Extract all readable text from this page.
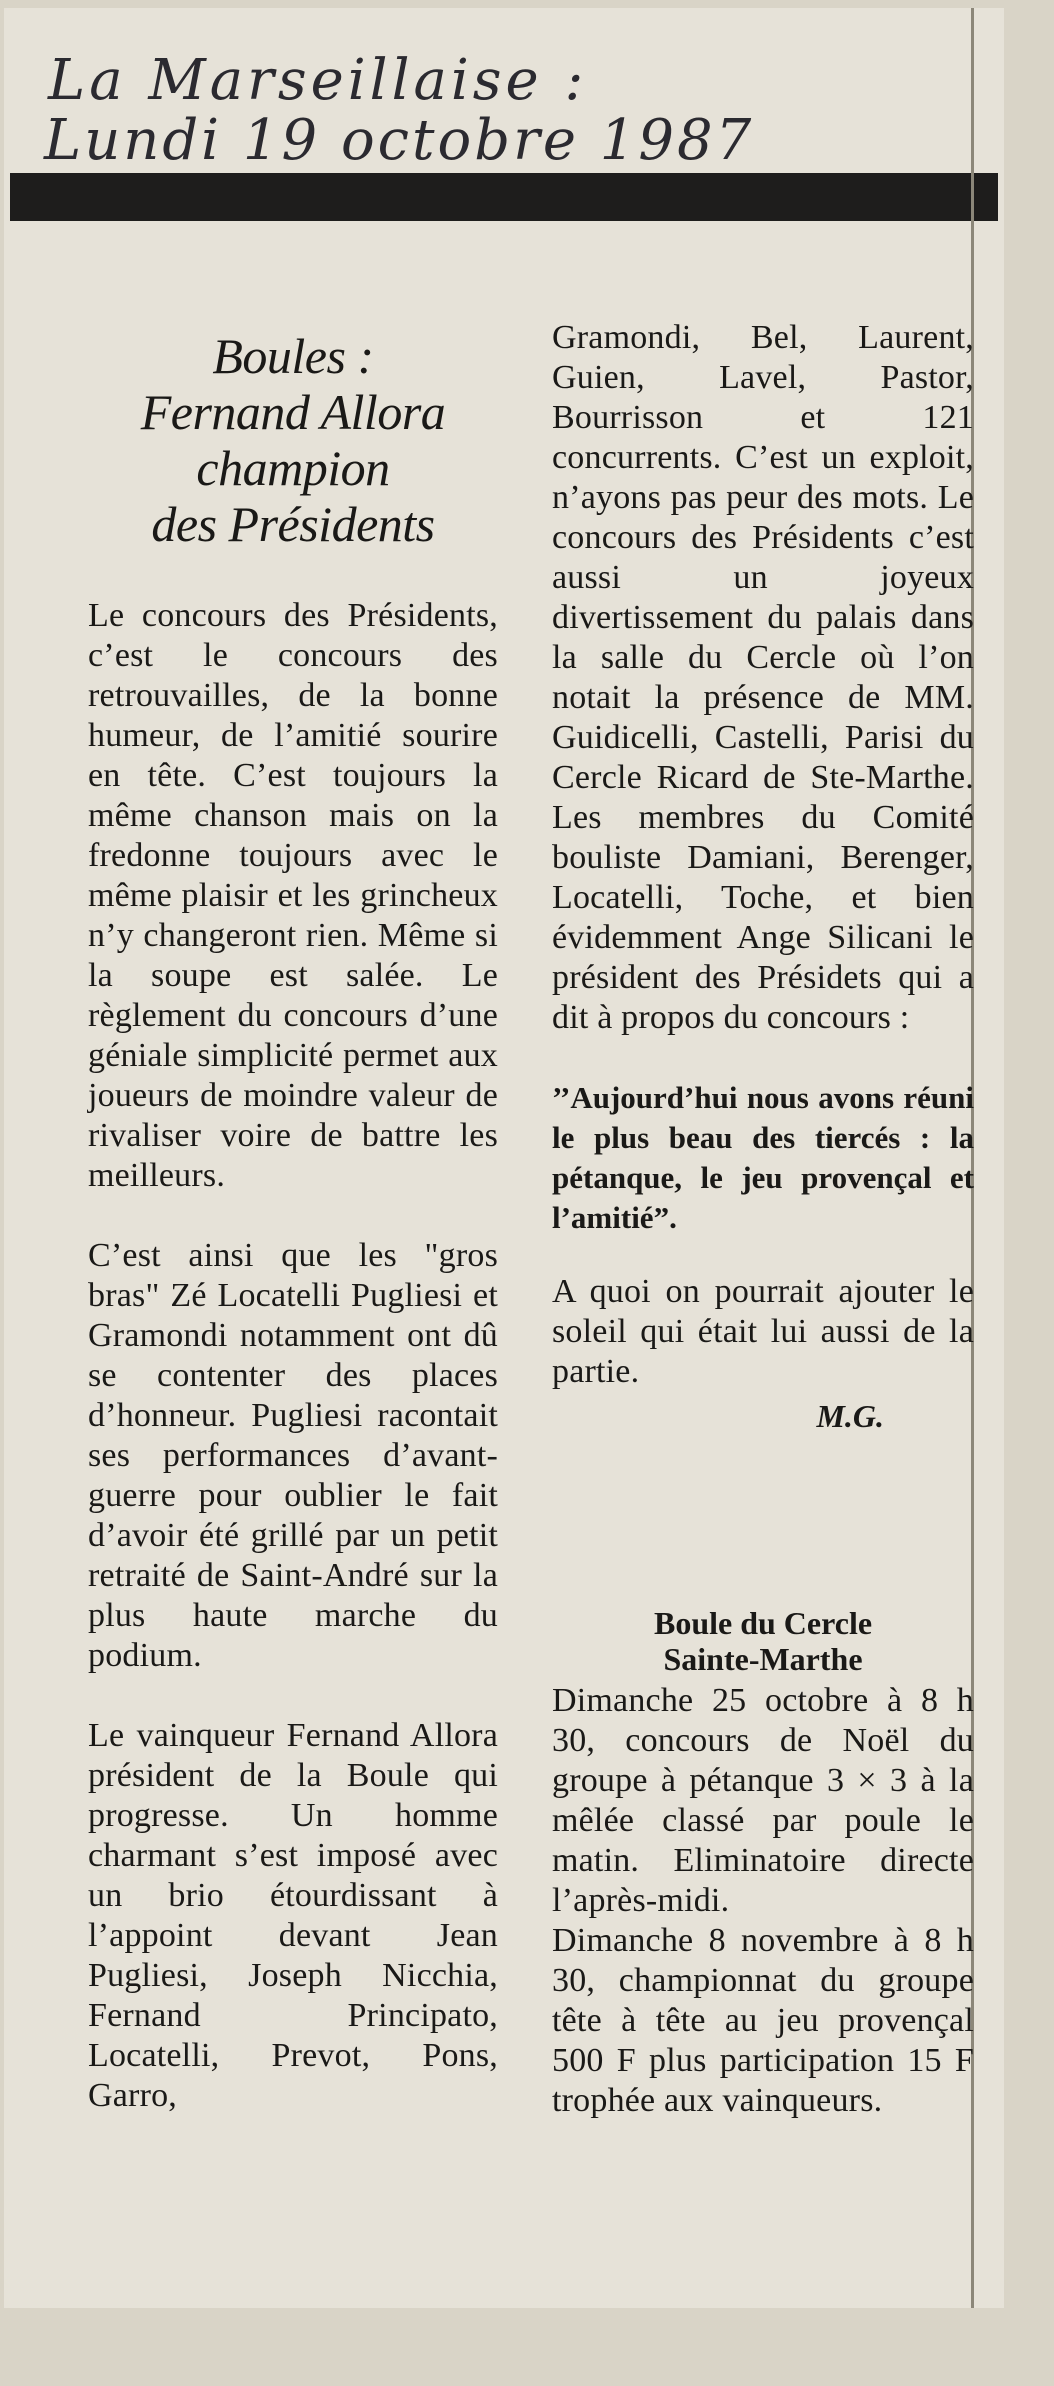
La Marseillaise :
Lundi 19 octobre 1987
Boules :
Fernand Allora
champion
des Présidents

Le concours des Présidents, c’est le concours des retrouvailles, de la bonne humeur, de l’amitié sourire en tête. C’est toujours la même chanson mais on la fredonne toujours avec le même plaisir et les grincheux n’y changeront rien. Même si la soupe est salée. Le règlement du concours d’une géniale simplicité permet aux joueurs de moindre valeur de rivaliser voire de battre les meilleurs.

C’est ainsi que les "gros bras" Zé Locatelli Pugliesi et Gramondi notamment ont dû se contenter des places d’honneur. Pugliesi racontait ses performances d’avant-guerre pour oublier le fait d’avoir été grillé par un petit retraité de Saint-André sur la plus haute marche du podium.

Le vainqueur Fernand Allora président de la Boule qui progresse. Un homme charmant s’est imposé avec un brio étourdissant à l’appoint devant Jean Pugliesi, Joseph Nicchia, Fernand Principato, Locatelli, Prevot, Pons, Garro,

Gramondi, Bel, Laurent, Guien, Lavel, Pastor, Bourrisson et 121 concurrents. C’est un exploit, n’ayons pas peur des mots. Le concours des Présidents c’est aussi un joyeux divertissement du palais dans la salle du Cercle où l’on notait la présence de MM. Guidicelli, Castelli, Parisi du Cercle Ricard de Ste-Marthe. Les membres du Comité bouliste Damiani, Berenger, Locatelli, Toche, et bien évidemment Ange Silicani le président des Présidets qui a dit à propos du concours :

’’Aujourd’hui nous avons réuni le plus beau des tiercés : la pétanque, le jeu provençal et l’amitié”.

A quoi on pourrait ajouter le soleil qui était lui aussi de la partie.

M.G.

Boule du Cercle
Sainte-Marthe

Dimanche 25 octobre à 8 h 30, concours de Noël du groupe à pétanque 3 × 3 à la mêlée classé par poule le matin. Eliminatoire directe l’après-midi.

Dimanche 8 novembre à 8 h 30, championnat du groupe tête à tête au jeu provençal 500 F plus participation 15 F trophée aux vainqueurs.
